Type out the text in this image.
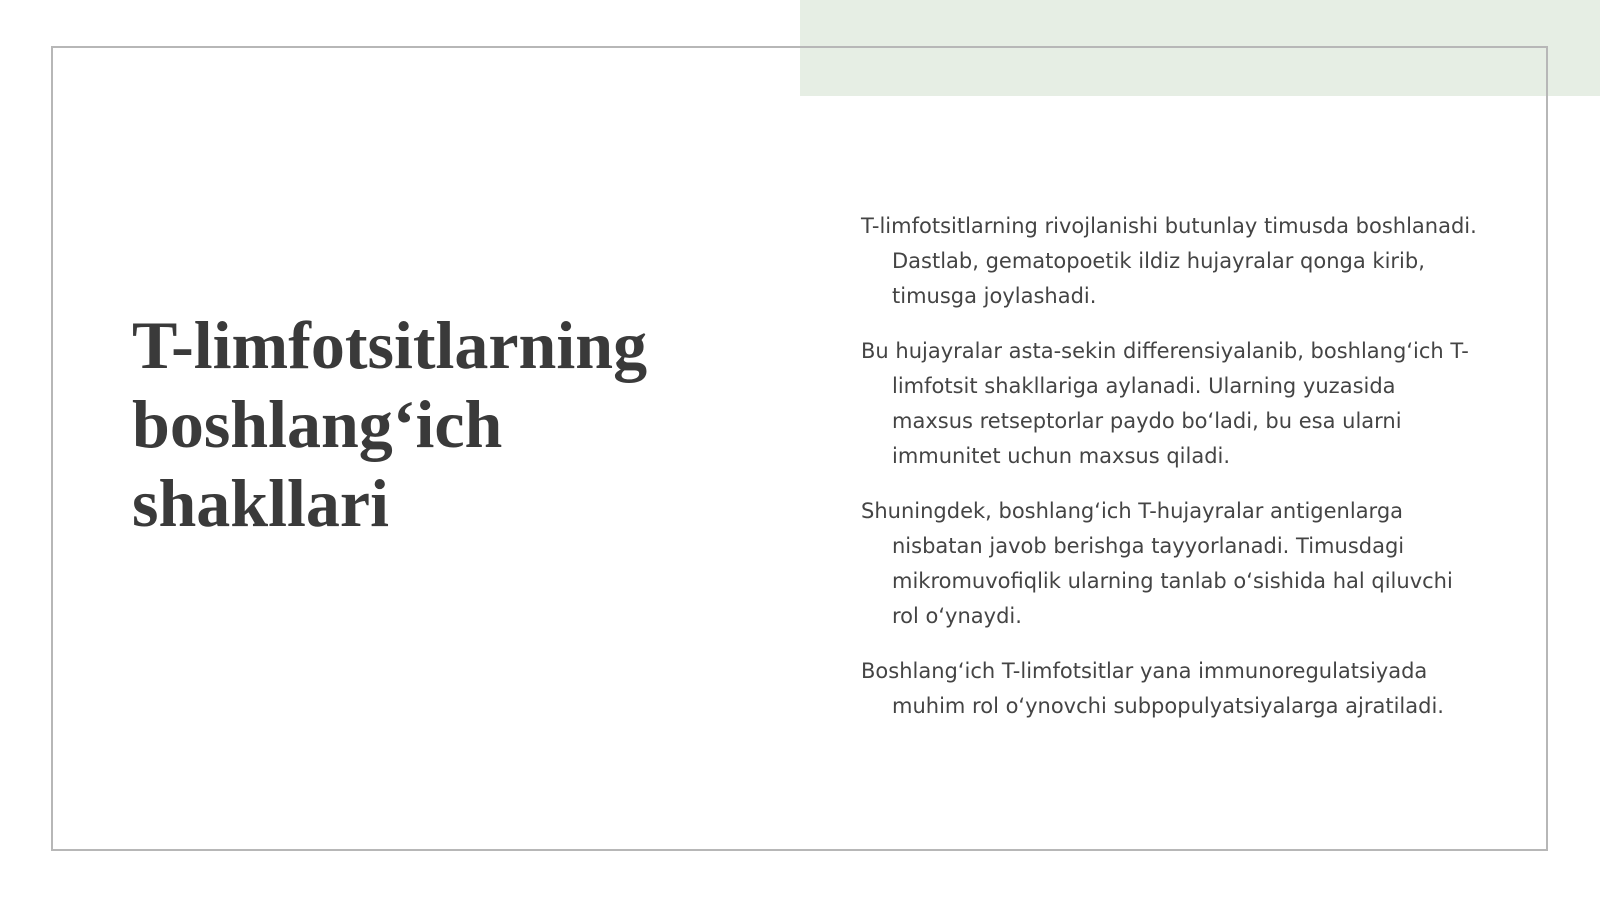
T-limfotsitlarning boshlang‘ich shakllari

T-limfotsitlarning rivojlanishi butunlay timusda boshlanadi. Dastlab, gematopoetik ildiz hujayralar qonga kirib, timusga joylashadi.

Bu hujayralar asta-sekin differensiyalanib, boshlang‘ich T-limfotsit shakllariga aylanadi. Ularning yuzasida maxsus retseptorlar paydo bo‘ladi, bu esa ularni immunitet uchun maxsus qiladi.

Shuningdek, boshlang‘ich T-hujayralar antigenlarga nisbatan javob berishga tayyorlanadi. Timusdagi mikromuvofiqlik ularning tanlab o‘sishida hal qiluvchi rol o‘ynaydi.

Boshlang‘ich T-limfotsitlar yana immunoregulatsiyada muhim rol o‘ynovchi subpopulyatsiyalarga ajratiladi.
